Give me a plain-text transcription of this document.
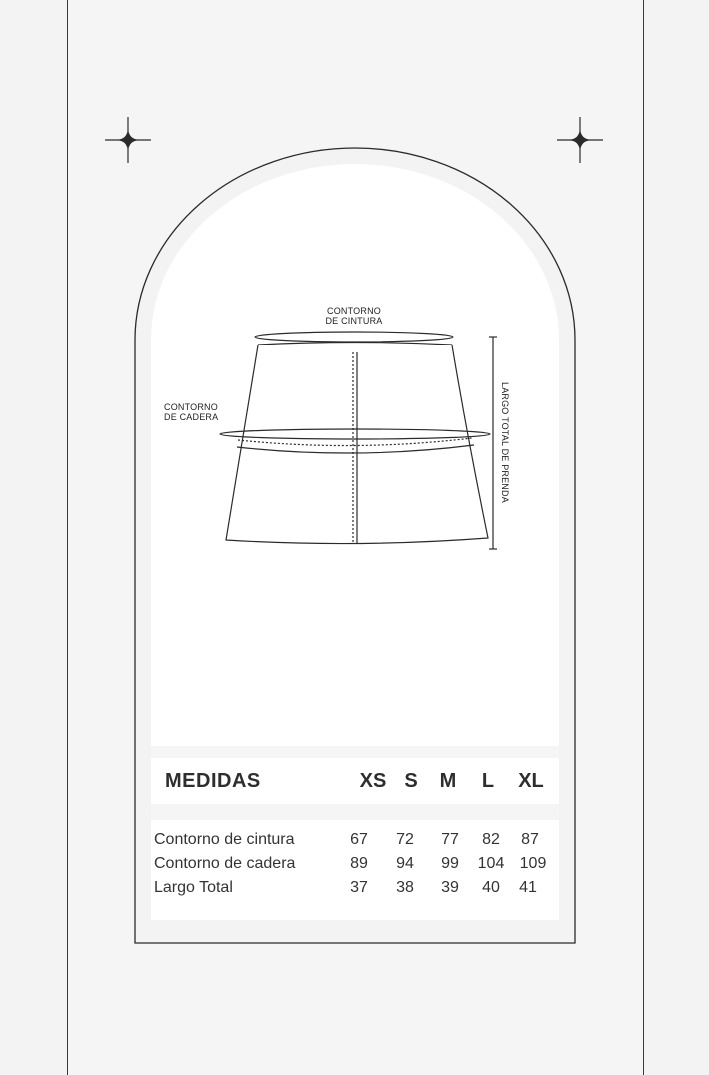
CONTORNO
DE CINTURA
CONTORNO
DE CADERA	LARGO TOTAL DE PRENDA
MEDIDAS	XS S	M	L	XL
Contorno de cintura	67	72	77	82	87
Contorno de cadera	89	94	99	104 109
Largo Total	37	38	39	40	41
